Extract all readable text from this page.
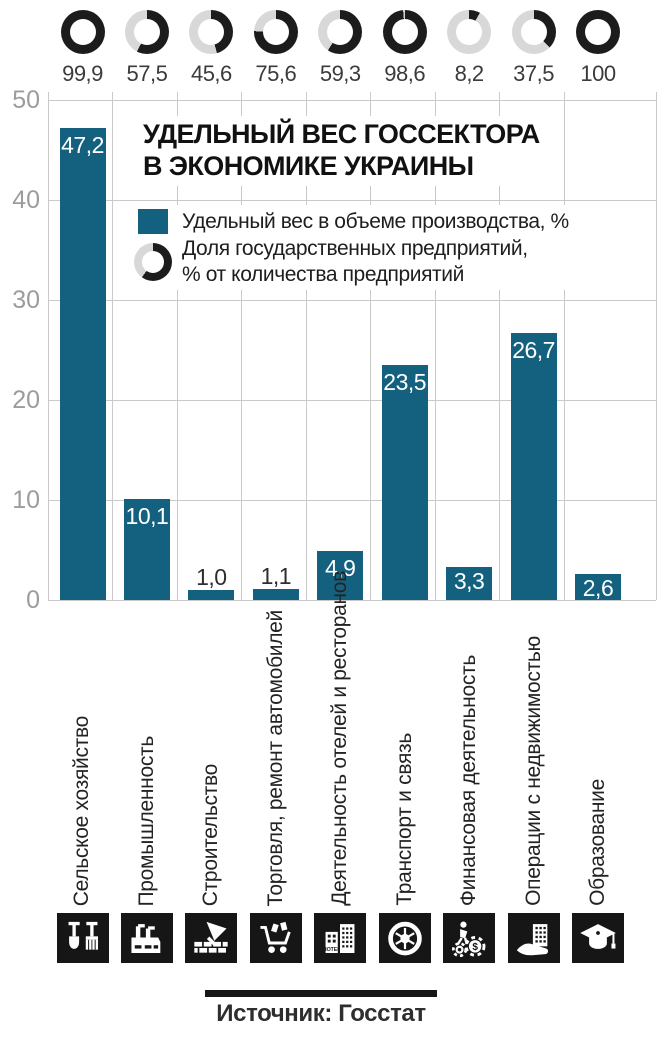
99,9	57,5	45,6	75,6	59,3	98,6	8,2	37,5	100
0
10
20
30
40
50
47,2
10,1
1,0	1,1	4,9
23,5
3,3
26,7
2,6
УДЕЛЬНЫЙ ВЕС ГОССЕКТОРА
В ЭКОНОМИКЕ УКРАИНЫ
Удельный вес в объеме производства, %
Доля государственных предприятий,
% от количества предприятий
Сельское хозяйство Промышленность Строительство Торговля, ремонт автомобилей Деятельность отелей и ресторанов Транспорт и связь Финансовая деятельность Операции с недвижимостью Образование
HOTEL	$
Источник: Госстат
